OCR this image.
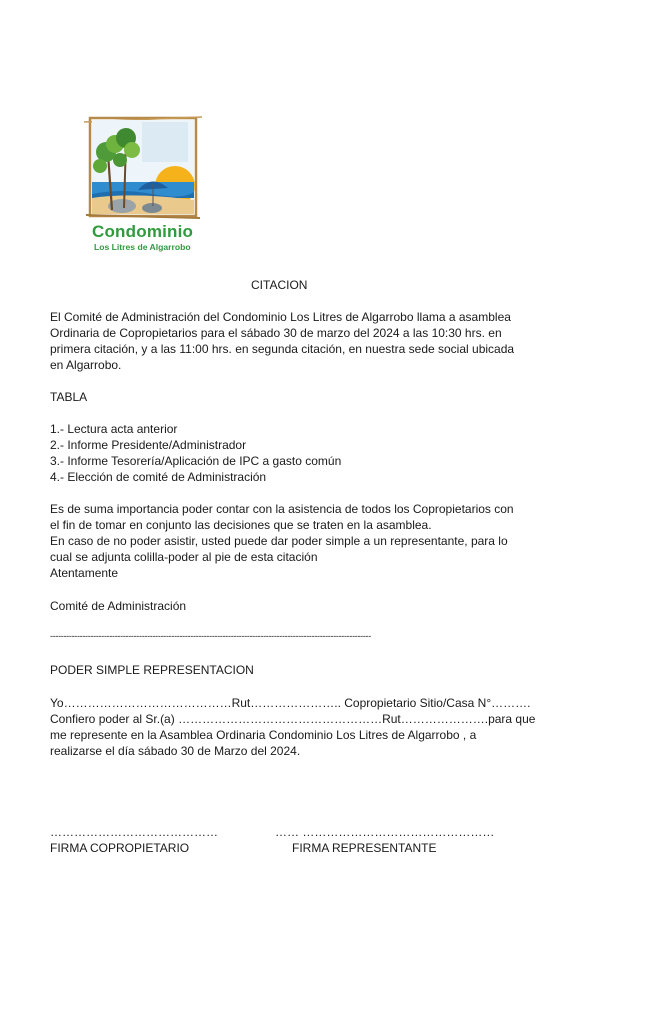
Condominio
Los Litres de Algarrobo
CITACION
El Comité de Administración del Condominio Los Litres de Algarrobo llama a asamblea
Ordinaria de Copropietarios para el sábado 30 de marzo del 2024 a las 10:30 hrs. en
primera citación, y a las 11:00 hrs. en segunda citación, en nuestra sede social ubicada
en Algarrobo.
TABLA
1.- Lectura acta anterior
2.- Informe Presidente/Administrador
3.- Informe Tesorería/Aplicación de IPC a gasto común
4.- Elección de comité de Administración
Es de suma importancia poder contar con la asistencia de todos los Copropietarios con
el fin de tomar en conjunto las decisiones que se traten en la asamblea.
En caso de no poder asistir, usted puede dar poder simple a un representante, para lo
cual se adjunta colilla-poder al pie de esta citación
Atentamente
Comité de Administración
-----------------------------------------------------------------------------------------------------------------------
PODER SIMPLE REPRESENTACION
Yo……………………………………Rut………………….. Copropietario Sitio/Casa N°……….
Confiero poder al Sr.(a) ……………………………………………Rut………………….para que
me represente en la Asamblea Ordinaria Condominio Los Litres de Algarrobo , a
realizarse el día sábado 30 de Marzo del 2024.
……………………………………	…… …………………………………………
FIRMA COPROPIETARIO	FIRMA REPRESENTANTE
